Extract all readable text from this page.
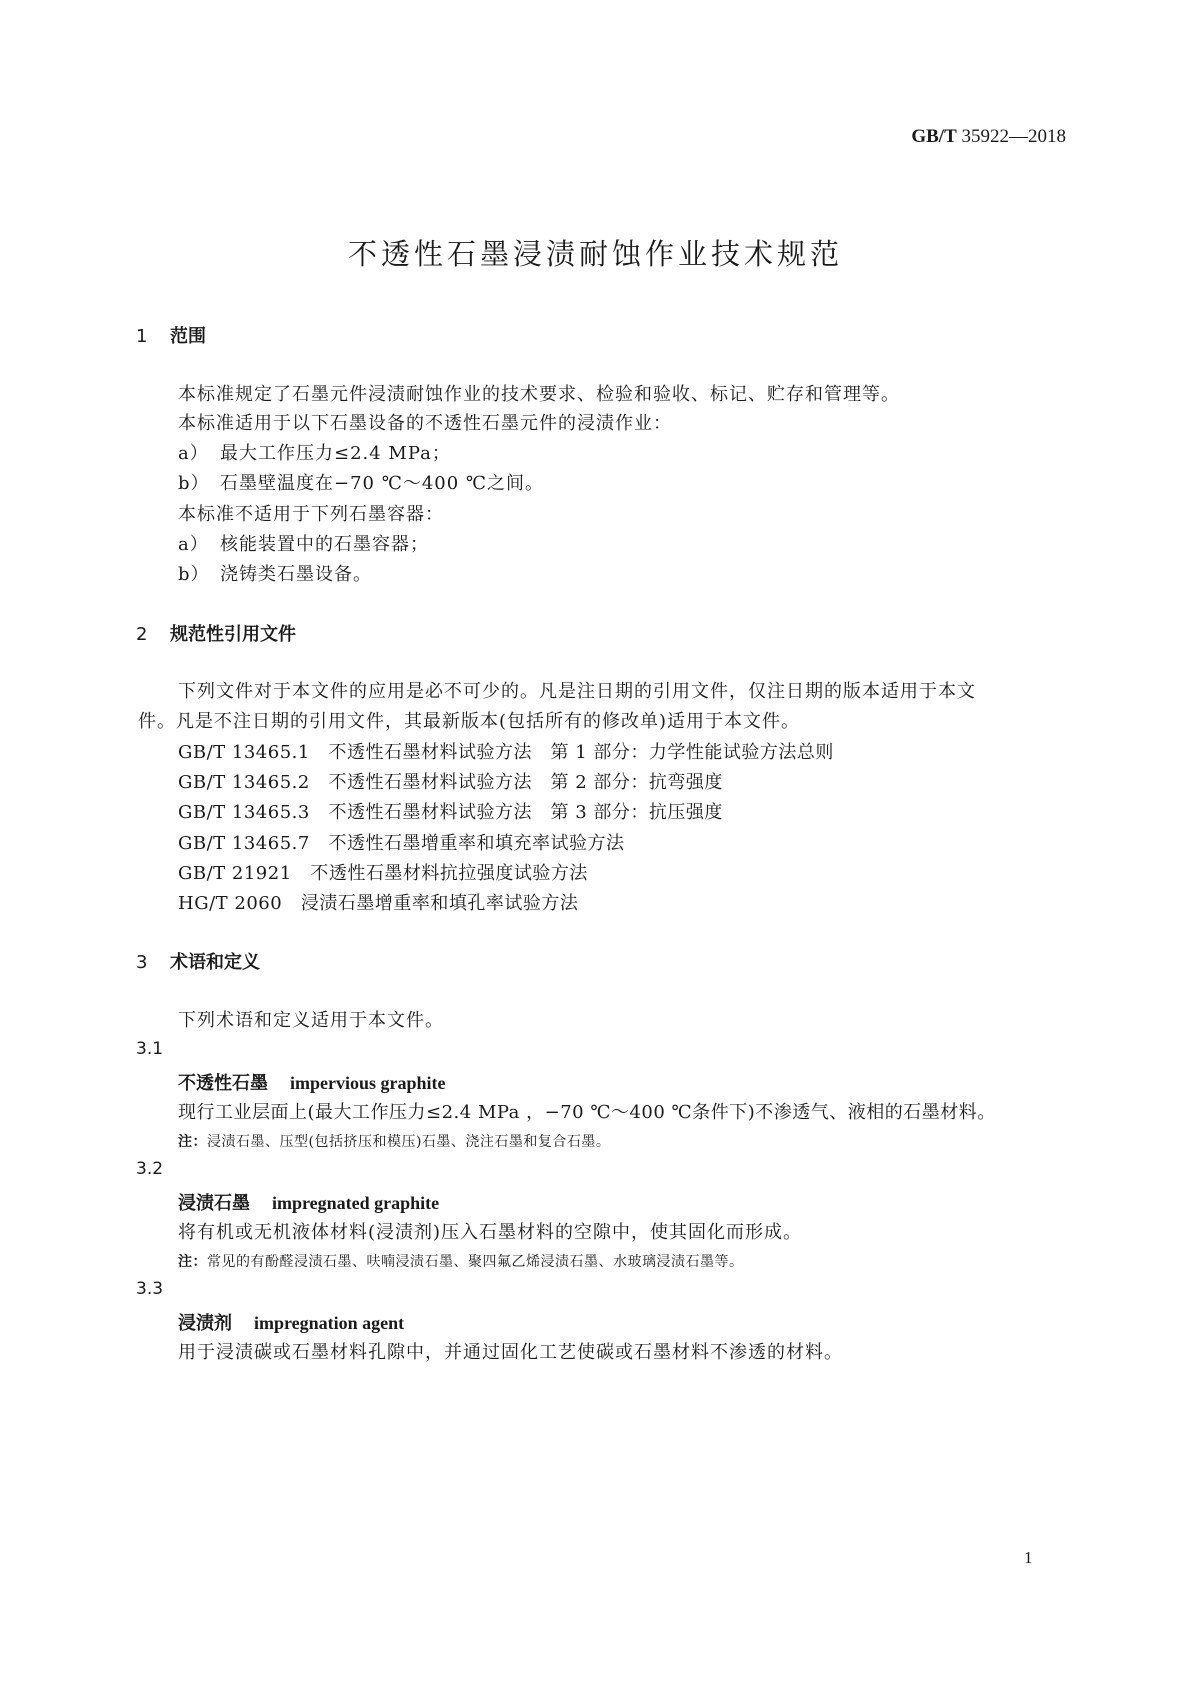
GB/T 35922—2018
不透性石墨浸渍耐蚀作业技术规范
1 范围
本标准规定了石墨元件浸渍耐蚀作业的技术要求、检验和验收、标记、贮存和管理等。
本标准适用于以下石墨设备的不透性石墨元件的浸渍作业：
a） 最大工作压力≤2.4 MPa；
b） 石墨壁温度在−70 ℃～400 ℃之间。
本标准不适用于下列石墨容器：
a） 核能装置中的石墨容器；
b） 浇铸类石墨设备。
2 规范性引用文件
下列文件对于本文件的应用是必不可少的。凡是注日期的引用文件，仅注日期的版本适用于本文
件。凡是不注日期的引用文件，其最新版本(包括所有的修改单)适用于本文件。
GB/T 13465.1 不透性石墨材料试验方法　第 1 部分：力学性能试验方法总则
GB/T 13465.2 不透性石墨材料试验方法　第 2 部分：抗弯强度
GB/T 13465.3 不透性石墨材料试验方法　第 3 部分：抗压强度
GB/T 13465.7 不透性石墨增重率和填充率试验方法
GB/T 21921 不透性石墨材料抗拉强度试验方法
HG/T 2060 浸渍石墨增重率和填孔率试验方法
3 术语和定义
下列术语和定义适用于本文件。
3.1
不透性石墨 impervious graphite
现行工业层面上(最大工作压力≤2.4 MPa ，−70 ℃～400 ℃条件下)不渗透气、液相的石墨材料。
注：浸渍石墨、压型(包括挤压和模压)石墨、浇注石墨和复合石墨。
3.2
浸渍石墨 impregnated graphite
将有机或无机液体材料(浸渍剂)压入石墨材料的空隙中，使其固化而形成。
注：常见的有酚醛浸渍石墨、呋喃浸渍石墨、聚四氟乙烯浸渍石墨、水玻璃浸渍石墨等。
3.3
浸渍剂 impregnation agent
用于浸渍碳或石墨材料孔隙中，并通过固化工艺使碳或石墨材料不渗透的材料。
1
